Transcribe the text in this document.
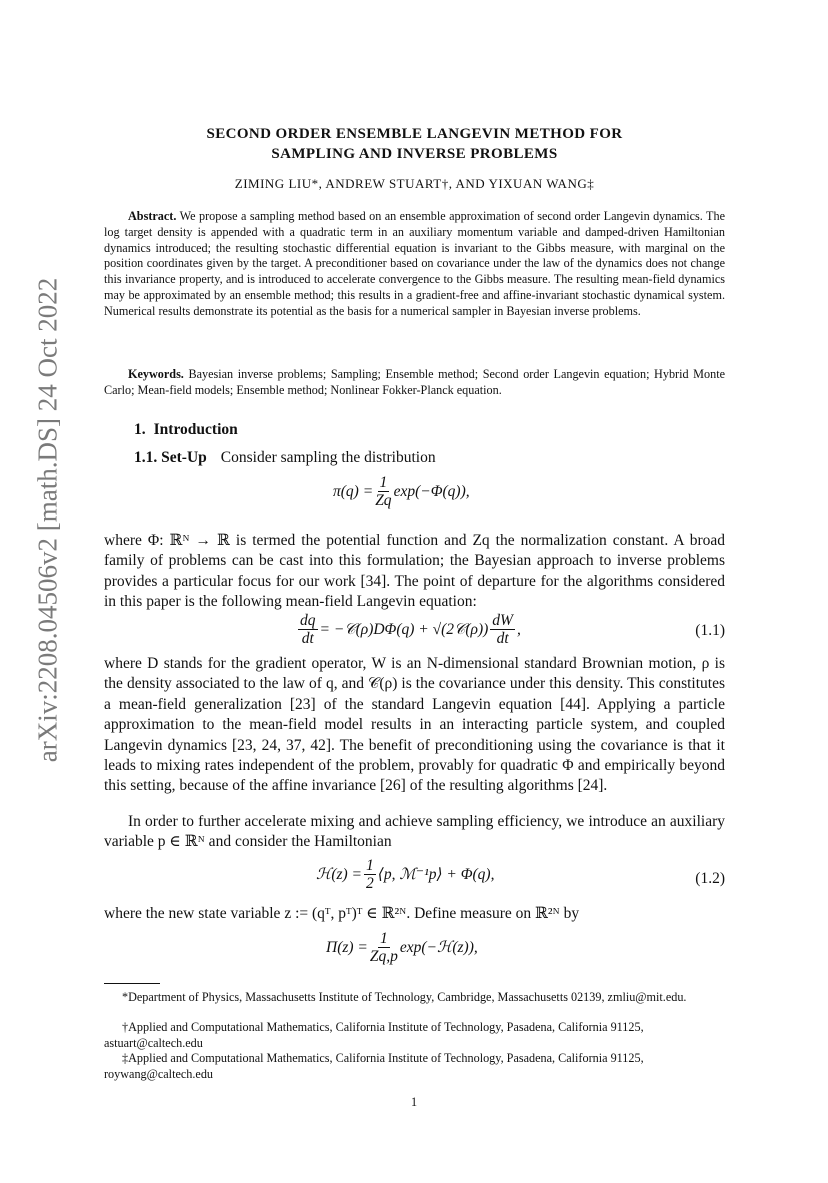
arXiv:2208.04506v2 [math.DS] 24 Oct 2022
SECOND ORDER ENSEMBLE LANGEVIN METHOD FOR
SAMPLING AND INVERSE PROBLEMS
ZIMING LIU*, ANDREW STUART†, AND YIXUAN WANG‡
Abstract. We propose a sampling method based on an ensemble approximation of second order Langevin dynamics. The log target density is appended with a quadratic term in an auxiliary momentum variable and damped-driven Hamiltonian dynamics introduced; the resulting stochastic differential equation is invariant to the Gibbs measure, with marginal on the position coordinates given by the target. A preconditioner based on covariance under the law of the dynamics does not change this invariance property, and is introduced to accelerate convergence to the Gibbs measure. The resulting mean-field dynamics may be approximated by an ensemble method; this results in a gradient-free and affine-invariant stochastic dynamical system. Numerical results demonstrate its potential as the basis for a numerical sampler in Bayesian inverse problems.
Keywords. Bayesian inverse problems; Sampling; Ensemble method; Second order Langevin equation; Hybrid Monte Carlo; Mean-field models; Ensemble method; Nonlinear Fokker-Planck equation.
1. Introduction
1.1. Set-Up Consider sampling the distribution
$\pi(q) = \frac{1}{Zq} \exp(-\Phi(q))$,
where Φ: ℝᴺ → ℝ is termed the potential function and Zq the normalization constant. A broad family of problems can be cast into this formulation; the Bayesian approach to inverse problems provides a particular focus for our work [34]. The point of departure for the algorithms considered in this paper is the following mean-field Langevin equation:
$\frac{dq}{dt}$ = −𝒞(ρ)DΦ(q) + √(2𝒞(ρ)) $\frac{dW}{dt}$ ,	(1.1)
where D stands for the gradient operator, W is an N-dimensional standard Brownian motion, ρ is the density associated to the law of q, and 𝒞(ρ) is the covariance under this density. This constitutes a mean-field generalization [23] of the standard Langevin equation [44]. Applying a particle approximation to the mean-field model results in an interacting particle system, and coupled Langevin dynamics [23, 24, 37, 42]. The benefit of preconditioning using the covariance is that it leads to mixing rates independent of the problem, provably for quadratic Φ and empirically beyond this setting, because of the affine invariance [26] of the resulting algorithms [24].
In order to further accelerate mixing and achieve sampling efficiency, we introduce an auxiliary variable p ∈ ℝᴺ and consider the Hamiltonian
ℋ(z) = $\frac{1}{2}$ ⟨p, ℳ⁻¹p⟩ + Φ(q),	(1.2)
where the new state variable z := (qᵀ, pᵀ)ᵀ ∈ ℝ²ᴺ. Define measure on ℝ²ᴺ by
$\Pi(z) = \frac{1}{Zq,p}$ exp(−ℋ(z)),
*Department of Physics, Massachusetts Institute of Technology, Cambridge, Massachusetts 02139, zmliu@mit.edu.
†Applied and Computational Mathematics, California Institute of Technology, Pasadena, California 91125, astuart@caltech.edu
‡Applied and Computational Mathematics, California Institute of Technology, Pasadena, California 91125, roywang@caltech.edu
1
